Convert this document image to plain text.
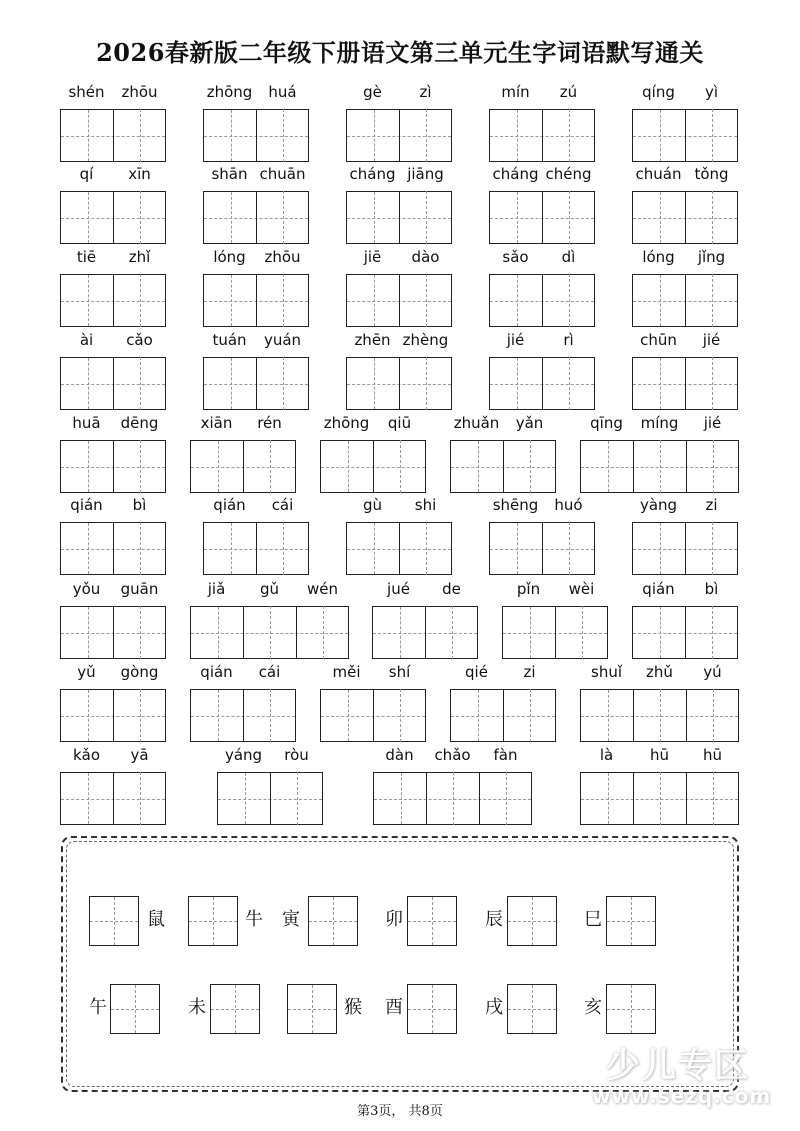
2026春新版二年级下册语文第三单元生字词语默写通关
shén	zhōu	zhōng	huá	gè	zì	mín	zú	qíng	yì
qí	xīn	shān chuān	cháng jiāng	cháng chéng	chuán tǒng
tiē	zhǐ	lóng	zhōu	jiē	dào	sǎo	dì	lóng	jǐng
ài	cǎo	tuán	yuán	zhēn zhèng	jié	rì	chūn	jié
huā	dēng	xiān	rén	zhōng	qiū	zhuǎn	yǎn	qīng	míng	jié
qián	bì	qián	cái	gù	shi	shēng	huó	yàng	zi
yǒu	guān	jiǎ	gǔ	wén	jué	de	pǐn	wèi	qián	bì
yǔ	gòng	qián	cái	měi	shí	qié	zi	shuǐ	zhǔ	yú
kǎo	yā	yáng	ròu	dàn	chǎo	fàn	là	hū	hū
鼠	牛 寅	卯	辰	巳
午	未	猴 酉	戌	亥
少儿专区
www.sezq.com
第3页， 共8页
